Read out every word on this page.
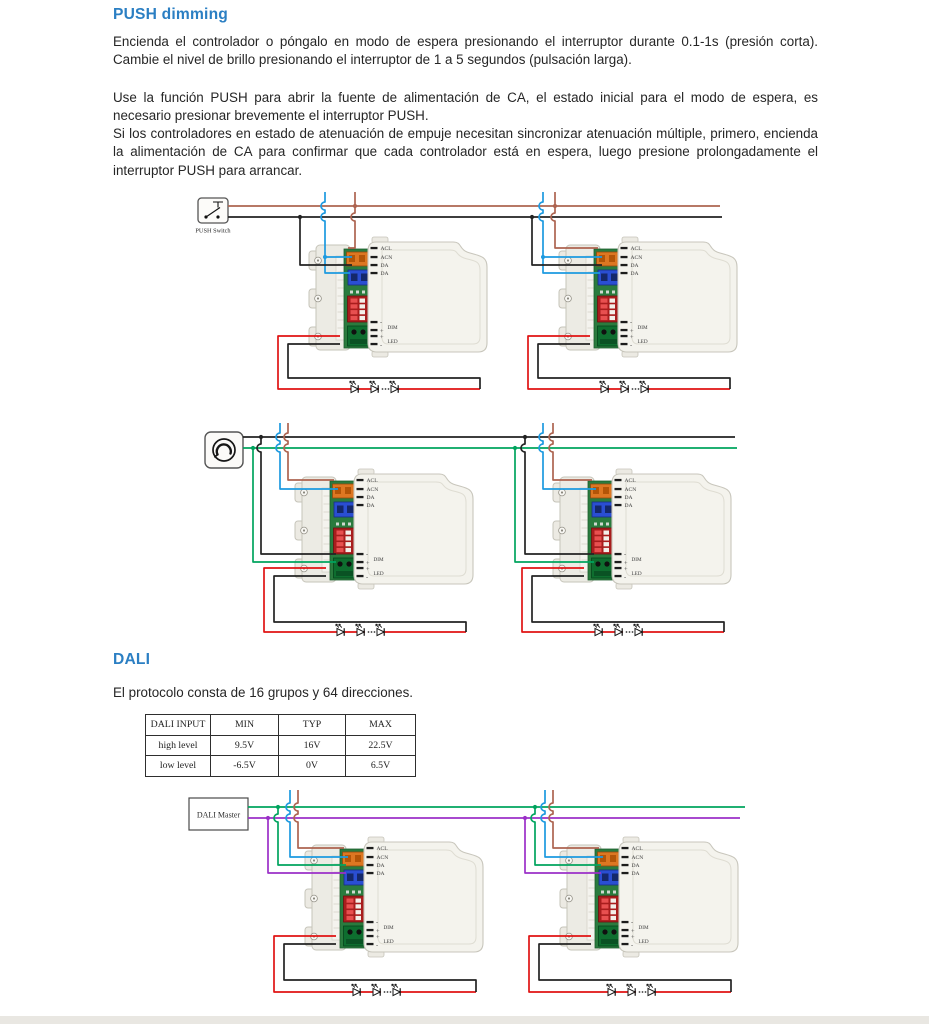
PUSH dimming

Encienda el controlador o póngalo en modo de espera presionando el interruptor durante 0.1-1s (presión corta). Cambie el nivel de brillo presionando el interruptor de 1 a 5 segundos (pulsación larga).

Use la función PUSH para abrir la fuente de alimentación de CA, el estado inicial para el modo de espera, es necesario presionar brevemente el interruptor PUSH.

Si los controladores en estado de atenuación de empuje necesitan sincronizar atenuación múltiple, primero, encienda la alimentación de CA para confirmar que cada controlador está en espera, luego presione prolongadamente el interruptor PUSH para arrancar.

PUSH Switch
DALI

El protocolo consta de 16 grupos y 64 direcciones.

DALI INPUT	MIN	TYP	MAX
high level	9.5V	16V	22.5V
low level	-6.5V	0V	6.5V
DALI Master
